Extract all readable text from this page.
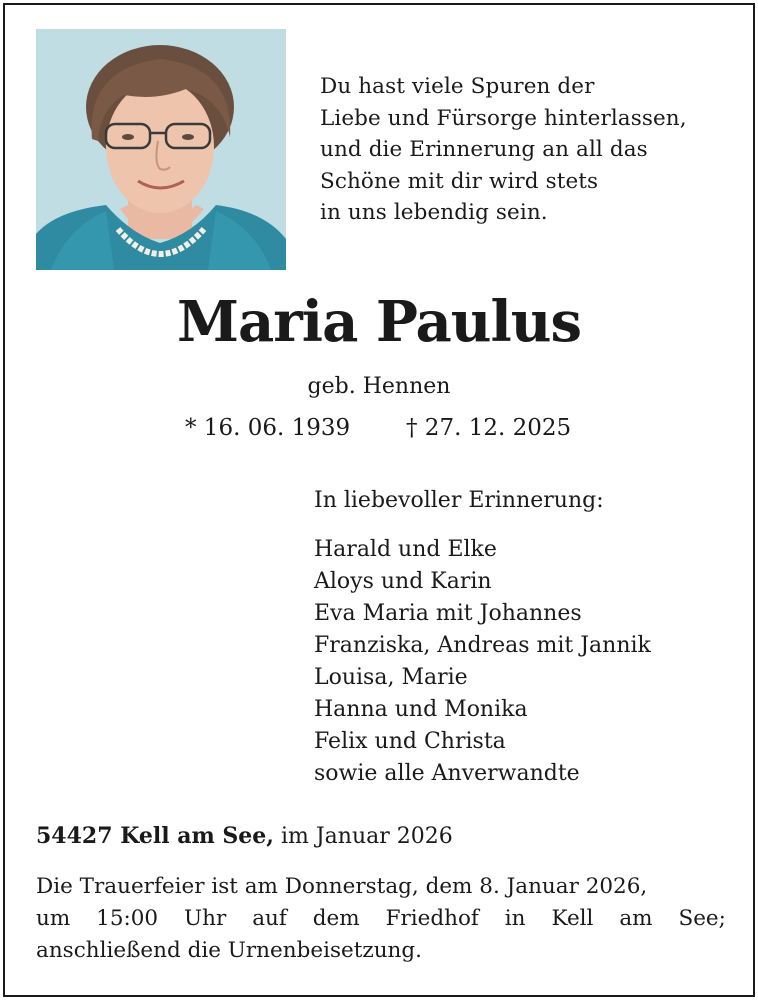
Du hast viele Spuren der
Liebe und Fürsorge hinterlassen,
und die Erinnerung an all das
Schöne mit dir wird stets
in uns lebendig sein.
Maria Paulus
geb. Hennen
* 16. 06. 1939 † 27. 12. 2025
In liebevoller Erinnerung:
Harald und Elke
Aloys und Karin
Eva Maria mit Johannes
Franziska, Andreas mit Jannik
Louisa, Marie
Hanna und Monika
Felix und Christa
sowie alle Anverwandte
54427 Kell am See, im Januar 2026
Die Trauerfeier ist am Donnerstag, dem 8. Januar 2026,
um 15:00 Uhr auf dem Friedhof in Kell am See;
anschließend die Urnenbeisetzung.
